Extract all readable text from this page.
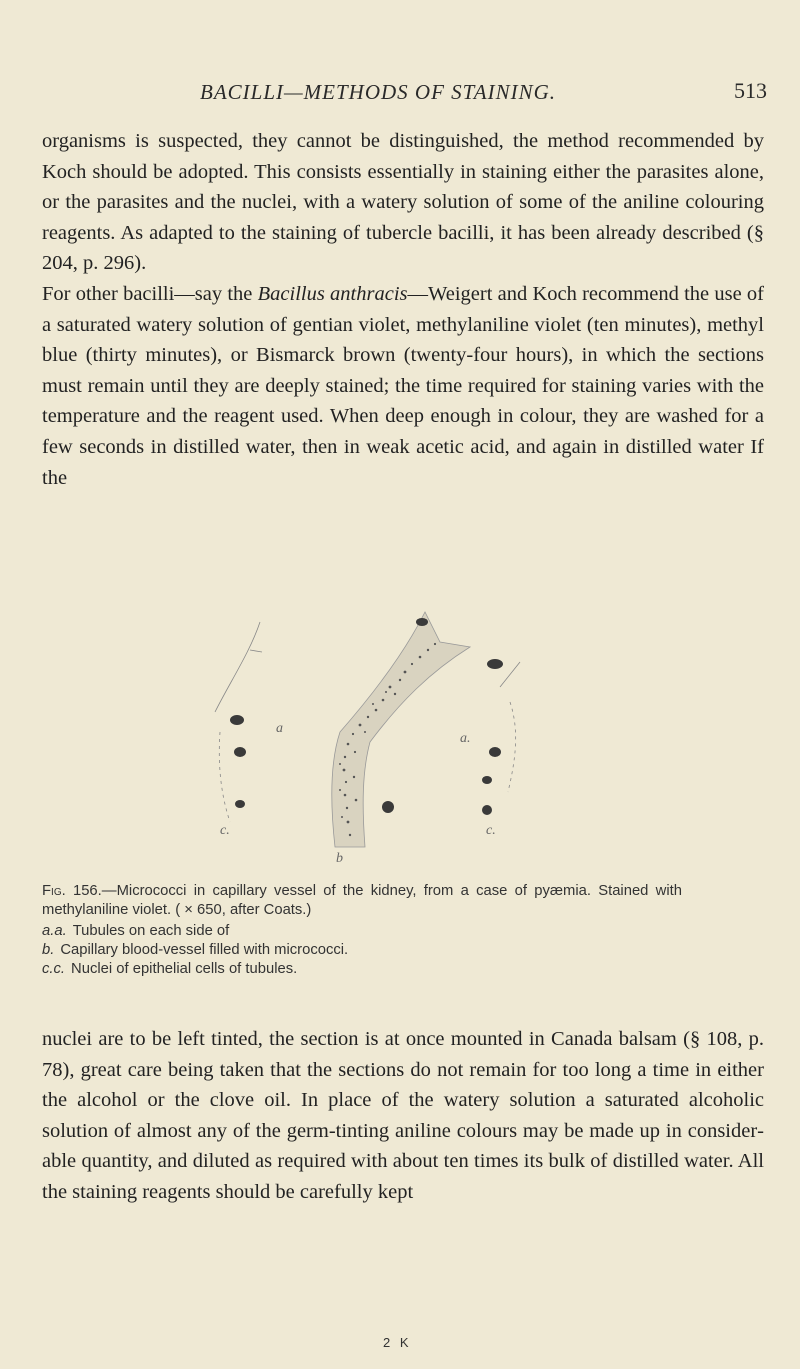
BACILLI—METHODS OF STAINING.	513

organisms is suspected, they cannot be distinguished, the method recommended by Koch should be adopted. This consists essentially in staining either the parasites alone, or the parasites and the nuclei, with a watery solution of some of the aniline colouring reagents. As adapted to the staining of tubercle bacilli, it has been already described (§ 204, p. 296).

For other bacilli—say the Bacillus anthracis—Weigert and Koch recommend the use of a saturated watery solution of gentian violet, methylaniline violet (ten minutes), methyl blue (thirty minutes), or Bismarck brown (twenty-four hours), in which the sections must remain until they are deeply stained; the time required for staining varies with the temperature and the reagent used. When deep enough in colour, they are washed for a few seconds in distilled water, then in weak acetic acid, and again in distilled water If the

a
a.
c.	c.
b

Fig. 156.—Micrococci in capillary vessel of the kidney, from a case of pyæmia. Stained with methylaniline violet. ( × 650, after Coats.)

a.a. Tubules on each side of

b. Capillary blood-vessel filled with micrococci.

c.c. Nuclei of epithelial cells of tubules.

nuclei are to be left tinted, the section is at once mounted in Canada balsam (§ 108, p. 78), great care being taken that the sections do not remain for too long a time in either the alcohol or the clove oil. In place of the watery solution a saturated alcoholic solution of almost any of the germ-tinting aniline colours may be made up in considerable quantity, and diluted as required with about ten times its bulk of distilled water. All the staining reagents should be carefully kept

2 K
